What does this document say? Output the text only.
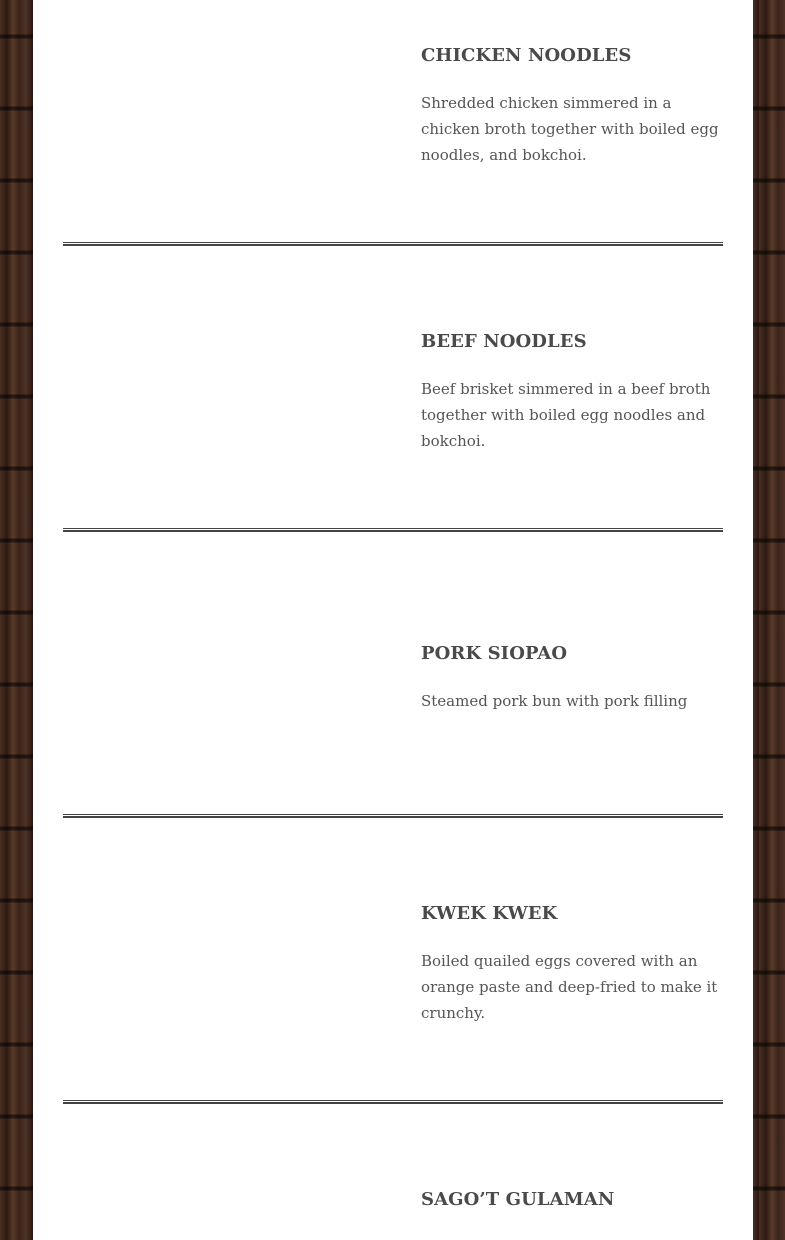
CHICKEN NOODLES

Shredded chicken simmered in a chicken broth together with boiled egg noodles, and bokchoi.

BEEF NOODLES

Beef brisket simmered in a beef broth together with boiled egg noodles and bokchoi.

PORK SIOPAO

Steamed pork bun with pork filling

KWEK KWEK

Boiled quailed eggs covered with an orange paste and deep-fried to make it crunchy.

SAGO’T GULAMAN
